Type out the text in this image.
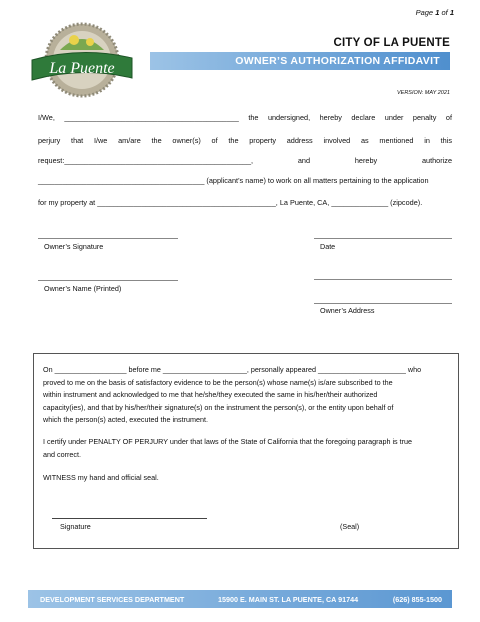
Page 1 of 1
La Puente
CITY OF LA PUENTE
OWNER’S AUTHORIZATION AFFIDAVIT
VERSION: MAY 2021
I/We, ___________________________________________ the undersigned, hereby declare under penalty of
perjury that I/we am/are the owner(s) of the property address involved as mentioned in this
request:______________________________________________, and hereby authorize
_________________________________________ (applicant’s name) to work on all matters pertaining to the application
for my property at ____________________________________________, La Puente, CA, ______________ (zipcode).
Owner’s Signature	Date
Owner’s Name (Printed)
Owner’s Address
On __________________ before me _____________________, personally appeared ______________________ who
proved to me on the basis of satisfactory evidence to be the person(s) whose name(s) is/are subscribed to the
within instrument and acknowledged to me that he/she/they executed the same in his/her/their authorized
capacity(ies), and that by his/her/their signature(s) on the instrument the person(s), or the entity upon behalf of
which the person(s) acted, executed the instrument.
I certify under PENALTY OF PERJURY under that laws of the State of California that the foregoing paragraph is true
and correct.
WITNESS my hand and official seal.
Signature	(Seal)
DEVELOPMENT SERVICES DEPARTMENT	15900 E. MAIN ST. LA PUENTE, CA 91744	(626) 855-1500
